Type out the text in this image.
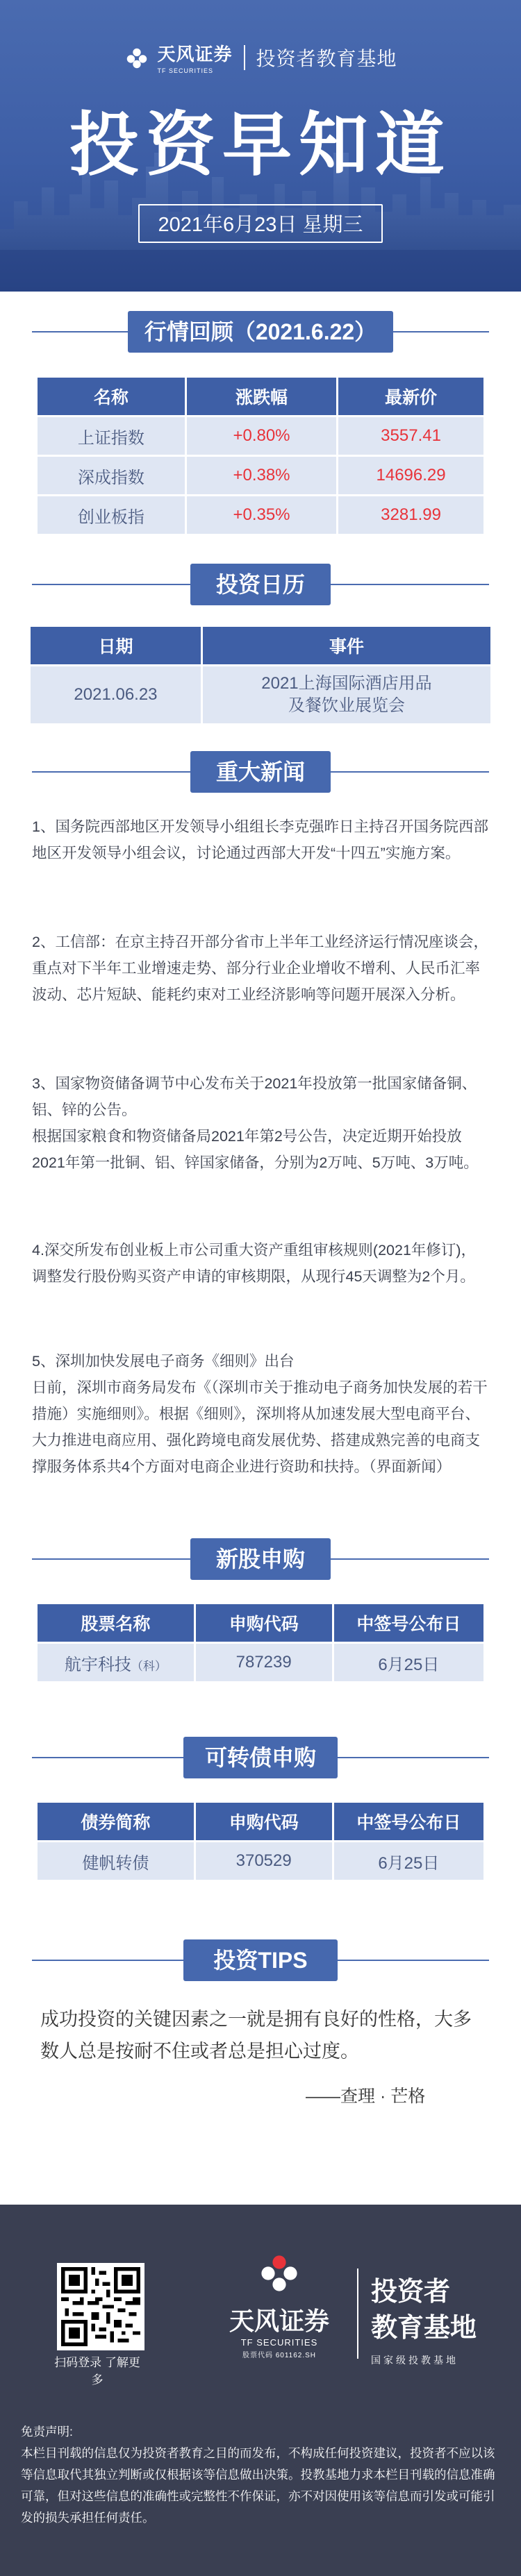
天风证券
TF SECURITIES
投资者教育基地
投资早知道
2021年6月23日 星期三
行情回顾（2021.6.22）
名称	涨跌幅	最新价
上证指数	+0.80%	3557.41
深成指数	+0.38%	14696.29
创业板指	+0.35%	3281.99
投资日历
日期	事件
2021.06.23	2021上海国际酒店用品
及餐饮业展览会
重大新闻

1、国务院西部地区开发领导小组组长李克强昨日主持召开国务院西部地区开发领导小组会议，讨论通过西部大开发“十四五”实施方案。

2、工信部：在京主持召开部分省市上半年工业经济运行情况座谈会，重点对下半年工业增速走势、部分行业企业增收不增利、人民币汇率波动、芯片短缺、能耗约束对工业经济影响等问题开展深入分析。

3、国家物资储备调节中心发布关于2021年投放第一批国家储备铜、铝、锌的公告。

根据国家粮食和物资储备局2021年第2号公告，决定近期开始投放2021年第一批铜、铝、锌国家储备，分别为2万吨、5万吨、3万吨。

4.深交所发布创业板上市公司重大资产重组审核规则(2021年修订)，调整发行股份购买资产申请的审核期限，从现行45天调整为2个月。

5、深圳加快发展电子商务《细则》出台

日前，深圳市商务局发布《（深圳市关于推动电子商务加快发展的若干措施）实施细则》。根据《细则》，深圳将从加速发展大型电商平台、大力推进电商应用、强化跨境电商发展优势、搭建成熟完善的电商支撑服务体系共4个方面对电商企业进行资助和扶持。（界面新闻）

新股申购
股票名称	申购代码	中签号公布日
航宇科技（科）	787239	6月25日
可转债申购
债券简称	申购代码	中签号公布日
健帆转债	370529	6月25日
投资TIPS
成功投资的关键因素之一就是拥有良好的性格，大多数人总是按耐不住或者总是担心过度。
——查理 · 芒格
扫码登录 了解更多
天风证券
TF SECURITIES
股票代码 601162.SH
投资者
教育基地
国家级投教基地
免责声明:
本栏目刊载的信息仅为投资者教育之目的而发布，不构成任何投资建议，投资者不应以该等信息取代其独立判断或仅根据该等信息做出决策。投教基地力求本栏目刊载的信息准确可靠，但对这些信息的准确性或完整性不作保证，亦不对因使用该等信息而引发或可能引发的损失承担任何责任。
